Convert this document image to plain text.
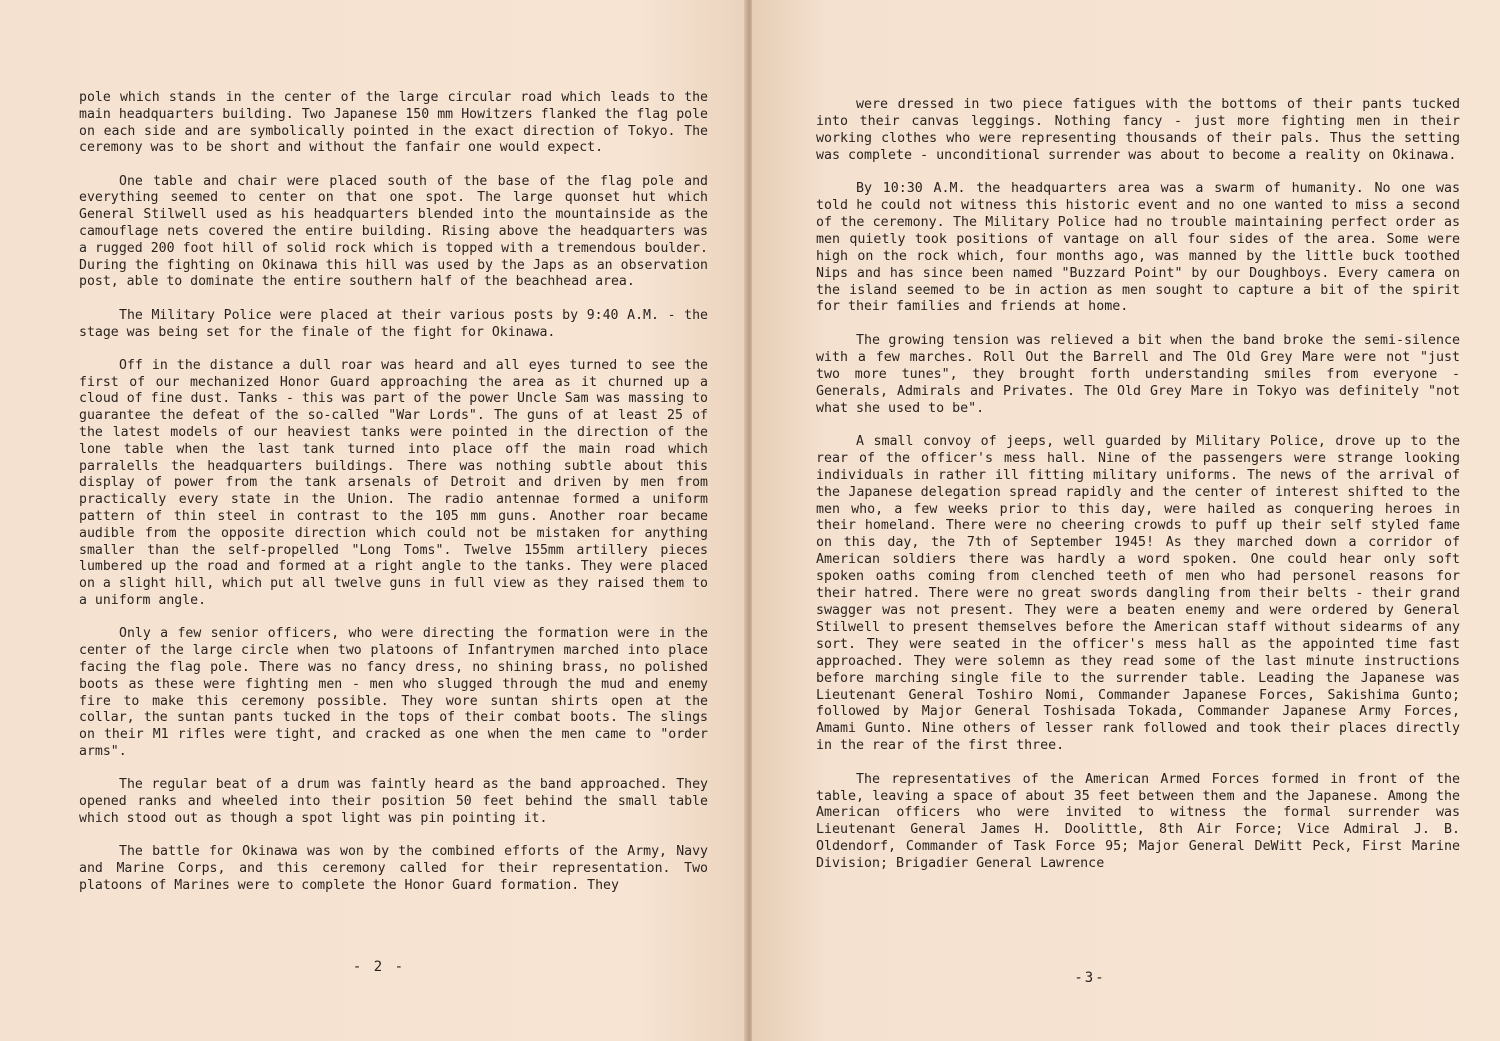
pole which stands in the center of the large circular road which leads to the main headquarters building. Two Japanese 150 mm Howitzers flanked the flag pole on each side and are symbolically pointed in the exact direction of Tokyo. The ceremony was to be short and without the fanfair one would expect.

One table and chair were placed south of the base of the flag pole and everything seemed to center on that one spot. The large quonset hut which General Stilwell used as his headquarters blended into the mountainside as the camouflage nets covered the entire building. Rising above the headquarters was a rugged 200 foot hill of solid rock which is topped with a tremendous boulder. During the fighting on Okinawa this hill was used by the Japs as an observation post, able to dominate the entire southern half of the beachhead area.

The Military Police were placed at their various posts by 9:40 A.M. - the stage was being set for the finale of the fight for Okinawa.

Off in the distance a dull roar was heard and all eyes turned to see the first of our mechanized Honor Guard approaching the area as it churned up a cloud of fine dust. Tanks - this was part of the power Uncle Sam was massing to guarantee the defeat of the so-called "War Lords". The guns of at least 25 of the latest models of our heaviest tanks were pointed in the direction of the lone table when the last tank turned into place off the main road which parralells the headquarters buildings. There was nothing subtle about this display of power from the tank arsenals of Detroit and driven by men from practically every state in the Union. The radio antennae formed a uniform pattern of thin steel in contrast to the 105 mm guns. Another roar became audible from the opposite direction which could not be mistaken for anything smaller than the self-propelled "Long Toms". Twelve 155mm artillery pieces lumbered up the road and formed at a right angle to the tanks. They were placed on a slight hill, which put all twelve guns in full view as they raised them to a uniform angle.

Only a few senior officers, who were directing the formation were in the center of the large circle when two platoons of Infantrymen marched into place facing the flag pole. There was no fancy dress, no shining brass, no polished boots as these were fighting men - men who slugged through the mud and enemy fire to make this ceremony possible. They wore suntan shirts open at the collar, the suntan pants tucked in the tops of their combat boots. The slings on their M1 rifles were tight, and cracked as one when the men came to "order arms".

The regular beat of a drum was faintly heard as the band approached. They opened ranks and wheeled into their position 50 feet behind the small table which stood out as though a spot light was pin pointing it.

The battle for Okinawa was won by the combined efforts of the Army, Navy and Marine Corps, and this ceremony called for their representation. Two platoons of Marines were to complete the Honor Guard formation. They

- 2 -

were dressed in two piece fatigues with the bottoms of their pants tucked into their canvas leggings. Nothing fancy - just more fighting men in their working clothes who were representing thousands of their pals. Thus the setting was complete - unconditional surrender was about to become a reality on Okinawa.

By 10:30 A.M. the headquarters area was a swarm of humanity. No one was told he could not witness this historic event and no one wanted to miss a second of the ceremony. The Military Police had no trouble maintaining perfect order as men quietly took positions of vantage on all four sides of the area. Some were high on the rock which, four months ago, was manned by the little buck toothed Nips and has since been named "Buzzard Point" by our Doughboys. Every camera on the island seemed to be in action as men sought to capture a bit of the spirit for their families and friends at home.

The growing tension was relieved a bit when the band broke the semi-silence with a few marches. Roll Out the Barrell and The Old Grey Mare were not "just two more tunes", they brought forth understanding smiles from everyone - Generals, Admirals and Privates. The Old Grey Mare in Tokyo was definitely "not what she used to be".

A small convoy of jeeps, well guarded by Military Police, drove up to the rear of the officer's mess hall. Nine of the passengers were strange looking individuals in rather ill fitting military uniforms. The news of the arrival of the Japanese delegation spread rapidly and the center of interest shifted to the men who, a few weeks prior to this day, were hailed as conquering heroes in their homeland. There were no cheering crowds to puff up their self styled fame on this day, the 7th of September 1945! As they marched down a corridor of American soldiers there was hardly a word spoken. One could hear only soft spoken oaths coming from clenched teeth of men who had personel reasons for their hatred. There were no great swords dangling from their belts - their grand swagger was not present. They were a beaten enemy and were ordered by General Stilwell to present themselves before the American staff without sidearms of any sort. They were seated in the officer's mess hall as the appointed time fast approached. They were solemn as they read some of the last minute instructions before marching single file to the surrender table. Leading the Japanese was Lieutenant General Toshiro Nomi, Commander Japanese Forces, Sakishima Gunto; followed by Major General Toshisada Tokada, Commander Japanese Army Forces, Amami Gunto. Nine others of lesser rank followed and took their places directly in the rear of the first three.

The representatives of the American Armed Forces formed in front of the table, leaving a space of about 35 feet between them and the Japanese. Among the American officers who were invited to witness the formal surrender was Lieutenant General James H. Doolittle, 8th Air Force; Vice Admiral J. B. Oldendorf, Commander of Task Force 95; Major General DeWitt Peck, First Marine Division; Brigadier General Lawrence

-3-
